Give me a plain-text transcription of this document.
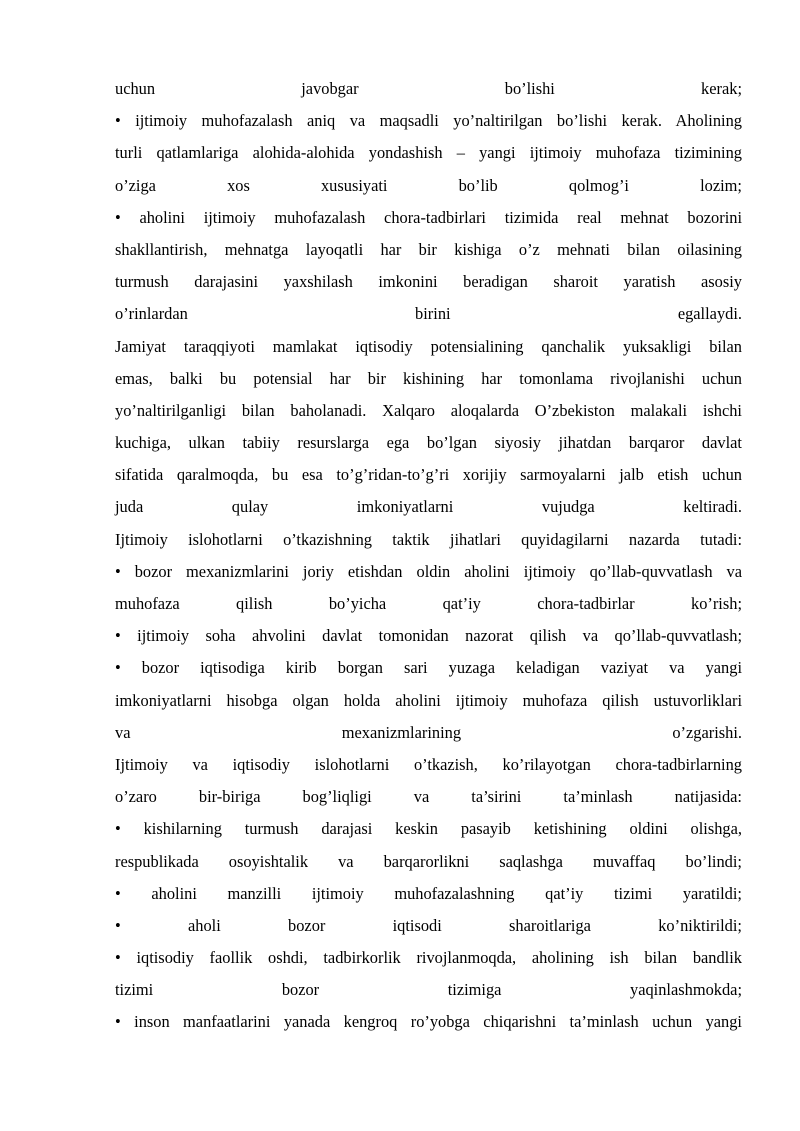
uchun javobgar bo’lishi kerak;
• ijtimoiy muhofazalash aniq va maqsadli yo’naltirilgan bo’lishi kerak. Aholining
turli qatlamlariga alohida-alohida yondashish – yangi ijtimoiy muhofaza tizimining
o’ziga xos xususiyati bo’lib qolmog’i lozim;
• aholini ijtimoiy muhofazalash chora-tadbirlari tizimida real mehnat bozorini
shakllantirish, mehnatga layoqatli har bir kishiga o’z mehnati bilan oilasining
turmush darajasini yaxshilash imkonini beradigan sharoit yaratish asosiy
o’rinlardan birini egallaydi.
Jamiyat taraqqiyoti mamlakat iqtisodiy potensialining qanchalik yuksakligi bilan
emas, balki bu potensial har bir kishining har tomonlama rivojlanishi uchun
yo’naltirilganligi bilan baholanadi. Xalqaro aloqalarda O’zbekiston malakali ishchi
kuchiga, ulkan tabiiy resurslarga ega bo’lgan siyosiy jihatdan barqaror davlat
sifatida qaralmoqda, bu esa to’g’ridan-to’g’ri xorijiy sarmoyalarni jalb etish uchun
juda qulay imkoniyatlarni vujudga keltiradi.
Ijtimoiy islohotlarni o’tkazishning taktik jihatlari quyidagilarni nazarda tutadi:
• bozor mexanizmlarini joriy etishdan oldin aholini ijtimoiy qo’llab-quvvatlash va
muhofaza qilish bo’yicha qat’iy chora-tadbirlar ko’rish;
• ijtimoiy soha ahvolini davlat tomonidan nazorat qilish va qo’llab-quvvatlash;
• bozor iqtisodiga kirib borgan sari yuzaga keladigan vaziyat va yangi
imkoniyatlarni hisobga olgan holda aholini ijtimoiy muhofaza qilish ustuvorliklari
va mexanizmlarining o’zgarishi.
Ijtimoiy va iqtisodiy islohotlarni o’tkazish, ko’rilayotgan chora-tadbirlarning
o’zaro bir-biriga bog’liqligi va ta’sirini ta’minlash natijasida:
• kishilarning turmush darajasi keskin pasayib ketishining oldini olishga,
respublikada osoyishtalik va barqarorlikni saqlashga muvaffaq bo’lindi;
• aholini manzilli ijtimoiy muhofazalashning qat’iy tizimi yaratildi;
• aholi bozor iqtisodi sharoitlariga ko’niktirildi;
• iqtisodiy faollik oshdi, tadbirkorlik rivojlanmoqda, aholining ish bilan bandlik
tizimi bozor tizimiga yaqinlashmokda;
• inson manfaatlarini yanada kengroq ro’yobga chiqarishni ta’minlash uchun yangi
